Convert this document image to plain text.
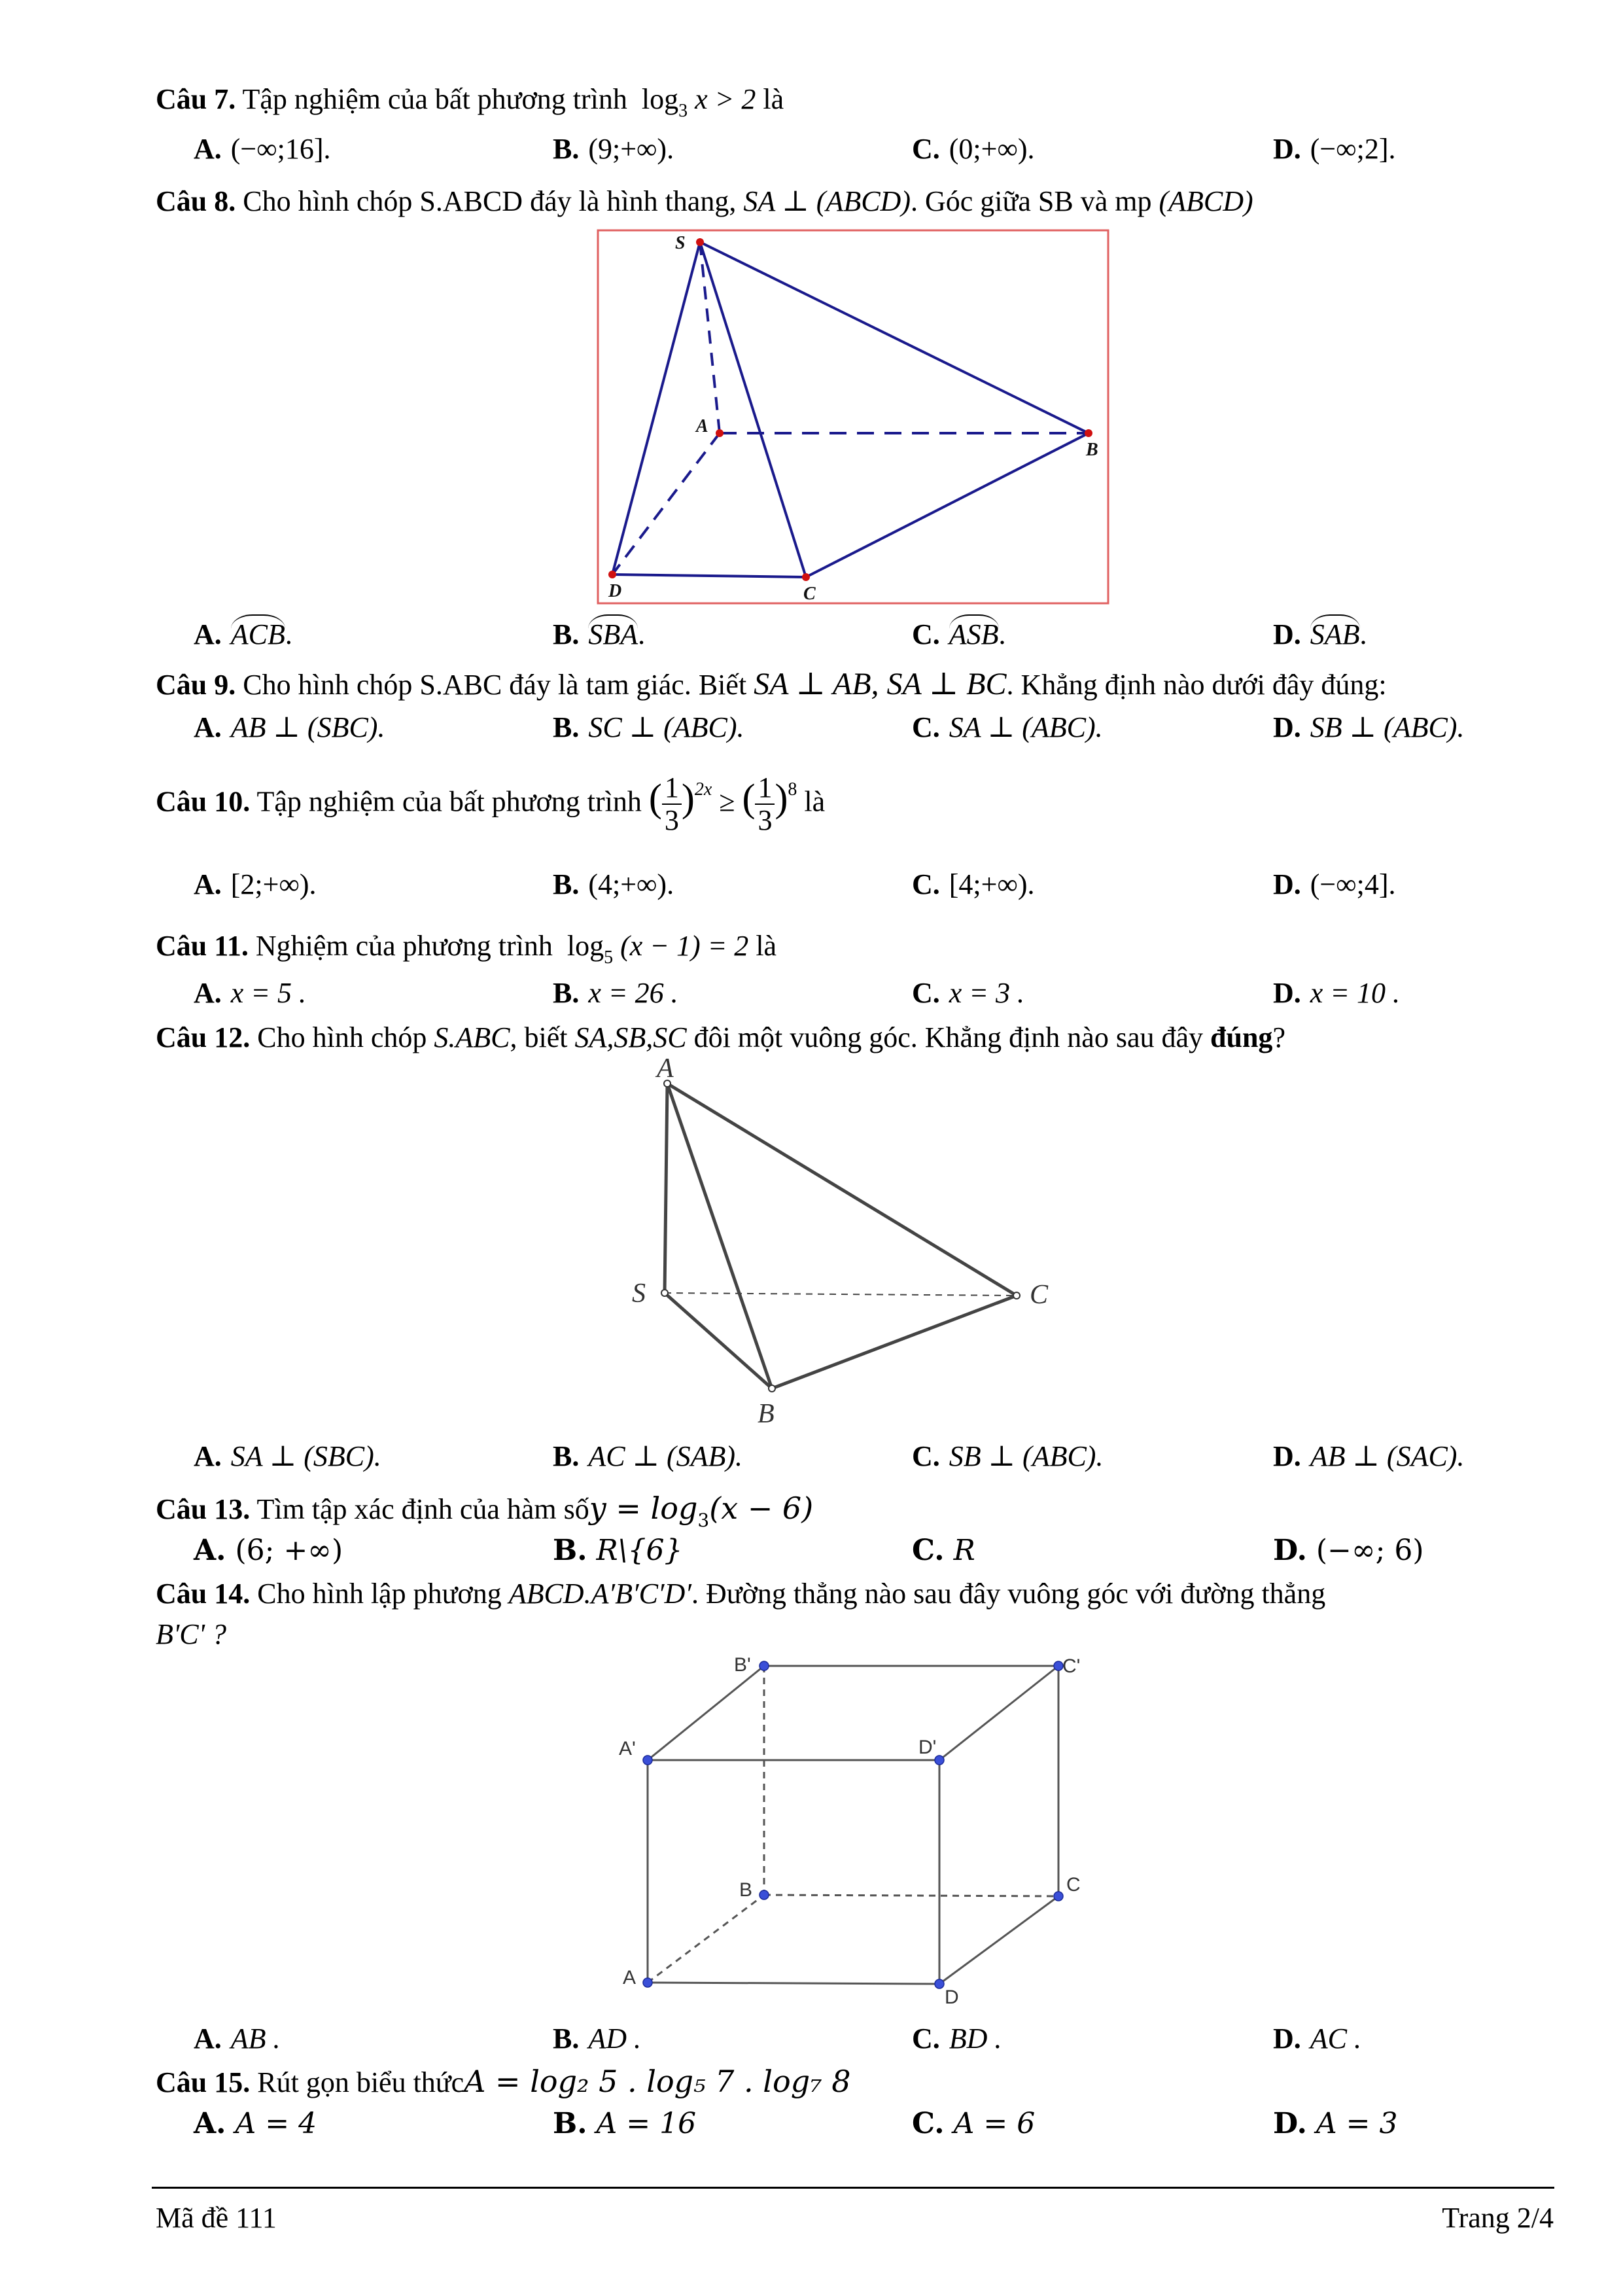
Câu 7. Tập nghiệm của bất phương trình $\log_3 x > 2$ là
A. (−∞;16].	B. (9;+∞).	C. (0;+∞).	D. (−∞;2].
Câu 8. Cho hình chóp S.ABCD đáy là hình thang, SA ⊥ (ABCD). Góc giữa SB và mp (ABCD)
S
A
B
C
D
A. ACB.	B. SBA.	C. ASB.	D. SAB.
Câu 9. Cho hình chóp S.ABC đáy là tam giác. Biết SA ⊥ AB, SA ⊥ BC. Khẳng định nào dưới đây đúng:
A. AB ⊥ (SBC).	B. SC ⊥ (ABC).	C. SA ⊥ (ABC).	D. SB ⊥ (ABC).
Câu 10. Tập nghiệm của bất phương trình ( $\frac{1}{3} )^{2x}$ ≥ ( $\frac{1}{3} )^8$ là
A. [2;+∞).	B. (4;+∞).	C. [4;+∞).	D. (−∞;4].
Câu 11. Nghiệm của phương trình $\log_5 (x - 1) = 2$ là
A. x = 5 .	B. x = 26 .	C. x = 3 .	D. x = 10 .
Câu 12. Cho hình chóp S.ABC, biết SA,SB,SC đôi một vuông góc. Khẳng định nào sau đây đúng?
A
S
B
C
A. SA ⊥ (SBC).	B. AC ⊥ (SAB).	C. SB ⊥ (ABC).	D. AB ⊥ (SAC).
Câu 13. Tìm tập xác định của hàm sốy = $\log_3(x - 6)$
A. (6; +∞)	B. R\{6}	C. R	D. (−∞; 6)
Câu 14. Cho hình lập phương ABCD.A′B′C′D′. Đường thẳng nào sau đây vuông góc với đường thẳng
B'C' ?
A
B	C
D
A'
B'	C'
D'
A. AB .	B. AD .	C. BD .	D. AC .
Câu 15. Rút gọn biểu thứcA = log₂ 5 . log₅ 7 . log₇ 8
A. A = 4	B. A = 16	C. A = 6	D. A = 3
Mã đề 111	Trang 2/4
